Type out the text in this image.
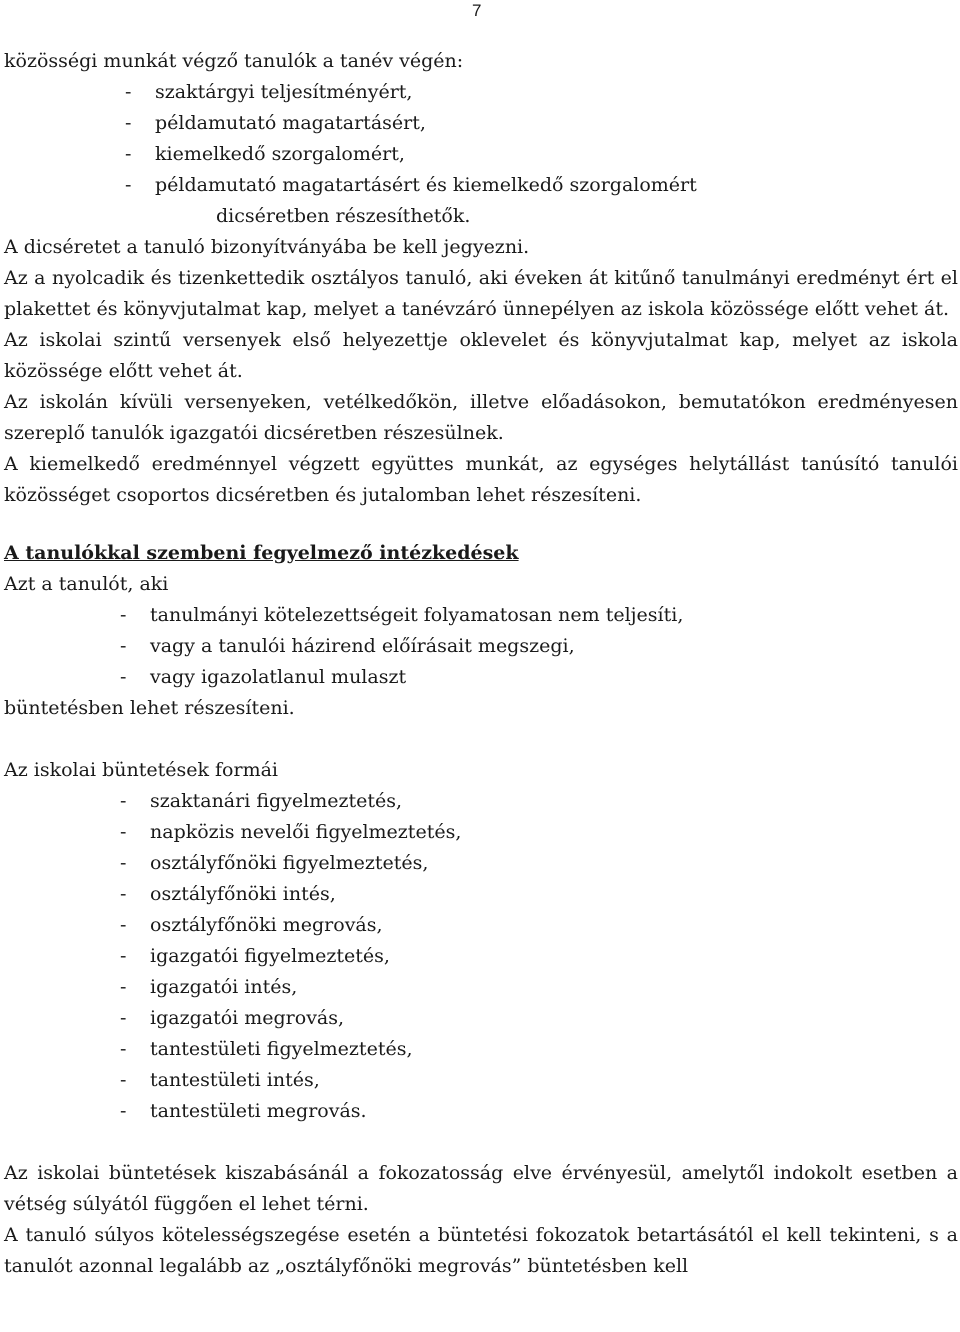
7

közösségi munkát végző tanulók a tanév végén:

- szaktárgyi teljesítményért,
- példamutató magatartásért,
- kiemelkedő szorgalomért,
- példamutató magatartásért és kiemelkedő szorgalomért

dicséretben részesíthetők.

A dicséretet a tanuló bizonyítványába be kell jegyezni.

Az a nyolcadik és tizenkettedik osztályos tanuló, aki éveken át kitűnő tanulmányi eredményt ért el plakettet és könyvjutalmat kap, melyet a tanévzáró ünnepélyen az iskola közössége előtt vehet át.

Az iskolai szintű versenyek első helyezettje oklevelet és könyvjutalmat kap, melyet az iskola közössége előtt vehet át.

Az iskolán kívüli versenyeken, vetélkedőkön, illetve előadásokon, bemutatókon eredményesen szereplő tanulók igazgatói dicséretben részesülnek.

A kiemelkedő eredménnyel végzett együttes munkát, az egységes helytállást tanúsító tanulói közösséget csoportos dicséretben és jutalomban lehet részesíteni.

A tanulókkal szembeni fegyelmező intézkedések

Azt a tanulót, aki

- tanulmányi kötelezettségeit folyamatosan nem teljesíti,
- vagy a tanulói házirend előírásait megszegi,
- vagy igazolatlanul mulaszt

büntetésben lehet részesíteni.

Az iskolai büntetések formái

- szaktanári figyelmeztetés,
- napközis nevelői figyelmeztetés,
- osztályfőnöki figyelmeztetés,
- osztályfőnöki intés,
- osztályfőnöki megrovás,
- igazgatói figyelmeztetés,
- igazgatói intés,
- igazgatói megrovás,
- tantestületi figyelmeztetés,
- tantestületi intés,
- tantestületi megrovás.

Az iskolai büntetések kiszabásánál a fokozatosság elve érvényesül, amelytől indokolt esetben a vétség súlyától függően el lehet térni.

A tanuló súlyos kötelességszegése esetén a büntetési fokozatok betartásától el kell tekinteni, s a tanulót azonnal legalább az „osztályfőnöki megrovás” büntetésben kell
